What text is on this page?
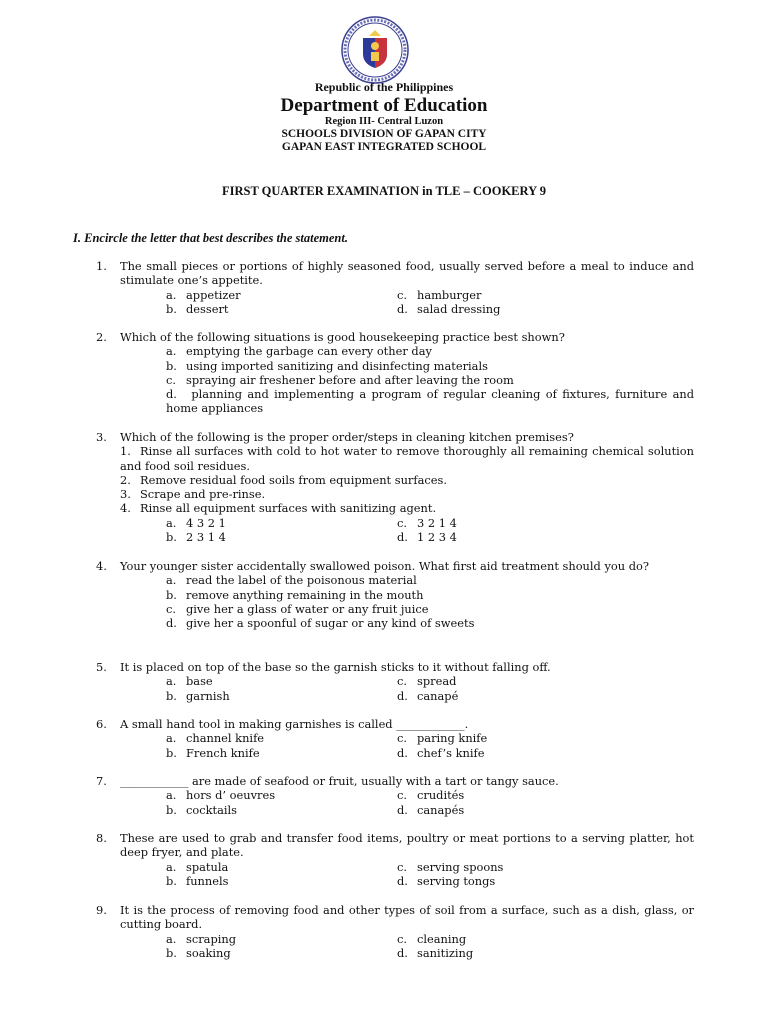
Republic of the Philippines
Department of Education
Region III- Central Luzon
SCHOOLS DIVISION OF GAPAN CITY
GAPAN EAST INTEGRATED SCHOOL
FIRST QUARTER EXAMINATION in TLE – COOKERY 9
I. Encircle the letter that best describes the statement.
1.	The small pieces or portions of highly seasoned food, usually served before a meal to induce and stimulate one’s appetite.
a. appetizer	c. hamburger
b. dessert	d. salad dressing
2.	Which of the following situations is good housekeeping practice best shown?
a. emptying the garbage can every other day
b. using imported sanitizing and disinfecting materials
c. spraying air freshener before and after leaving the room
d. planning and implementing a program of regular cleaning of fixtures, furniture and home appliances
3.	Which of the following is the proper order/steps in cleaning kitchen premises?
1. Rinse all surfaces with cold to hot water to remove thoroughly all remaining chemical solution and food soil residues.
2. Remove residual food soils from equipment surfaces.
3. Scrape and pre-rinse.
4. Rinse all equipment surfaces with sanitizing agent.
a. 4 3 2 1	c. 3 2 1 4
b. 2 3 1 4	d. 1 2 3 4
4.	Your younger sister accidentally swallowed poison. What first aid treatment should you do?
a. read the label of the poisonous material
b. remove anything remaining in the mouth
c. give her a glass of water or any fruit juice
d. give her a spoonful of sugar or any kind of sweets
5.	It is placed on top of the base so the garnish sticks to it without falling off.
a. base	c. spread
b. garnish	d. canapé
6.	A small hand tool in making garnishes is called ____________.
a. channel knife	c. paring knife
b. French knife	d. chef’s knife
7.	____________ are made of seafood or fruit, usually with a tart or tangy sauce.
a. hors d’ oeuvres	c. crudités
b. cocktails	d. canapés
8.	These are used to grab and transfer food items, poultry or meat portions to a serving platter, hot deep fryer, and plate.
a. spatula	c. serving spoons
b. funnels	d. serving tongs
9.	It is the process of removing food and other types of soil from a surface, such as a dish, glass, or cutting board.
a. scraping	c. cleaning
b. soaking	d. sanitizing
